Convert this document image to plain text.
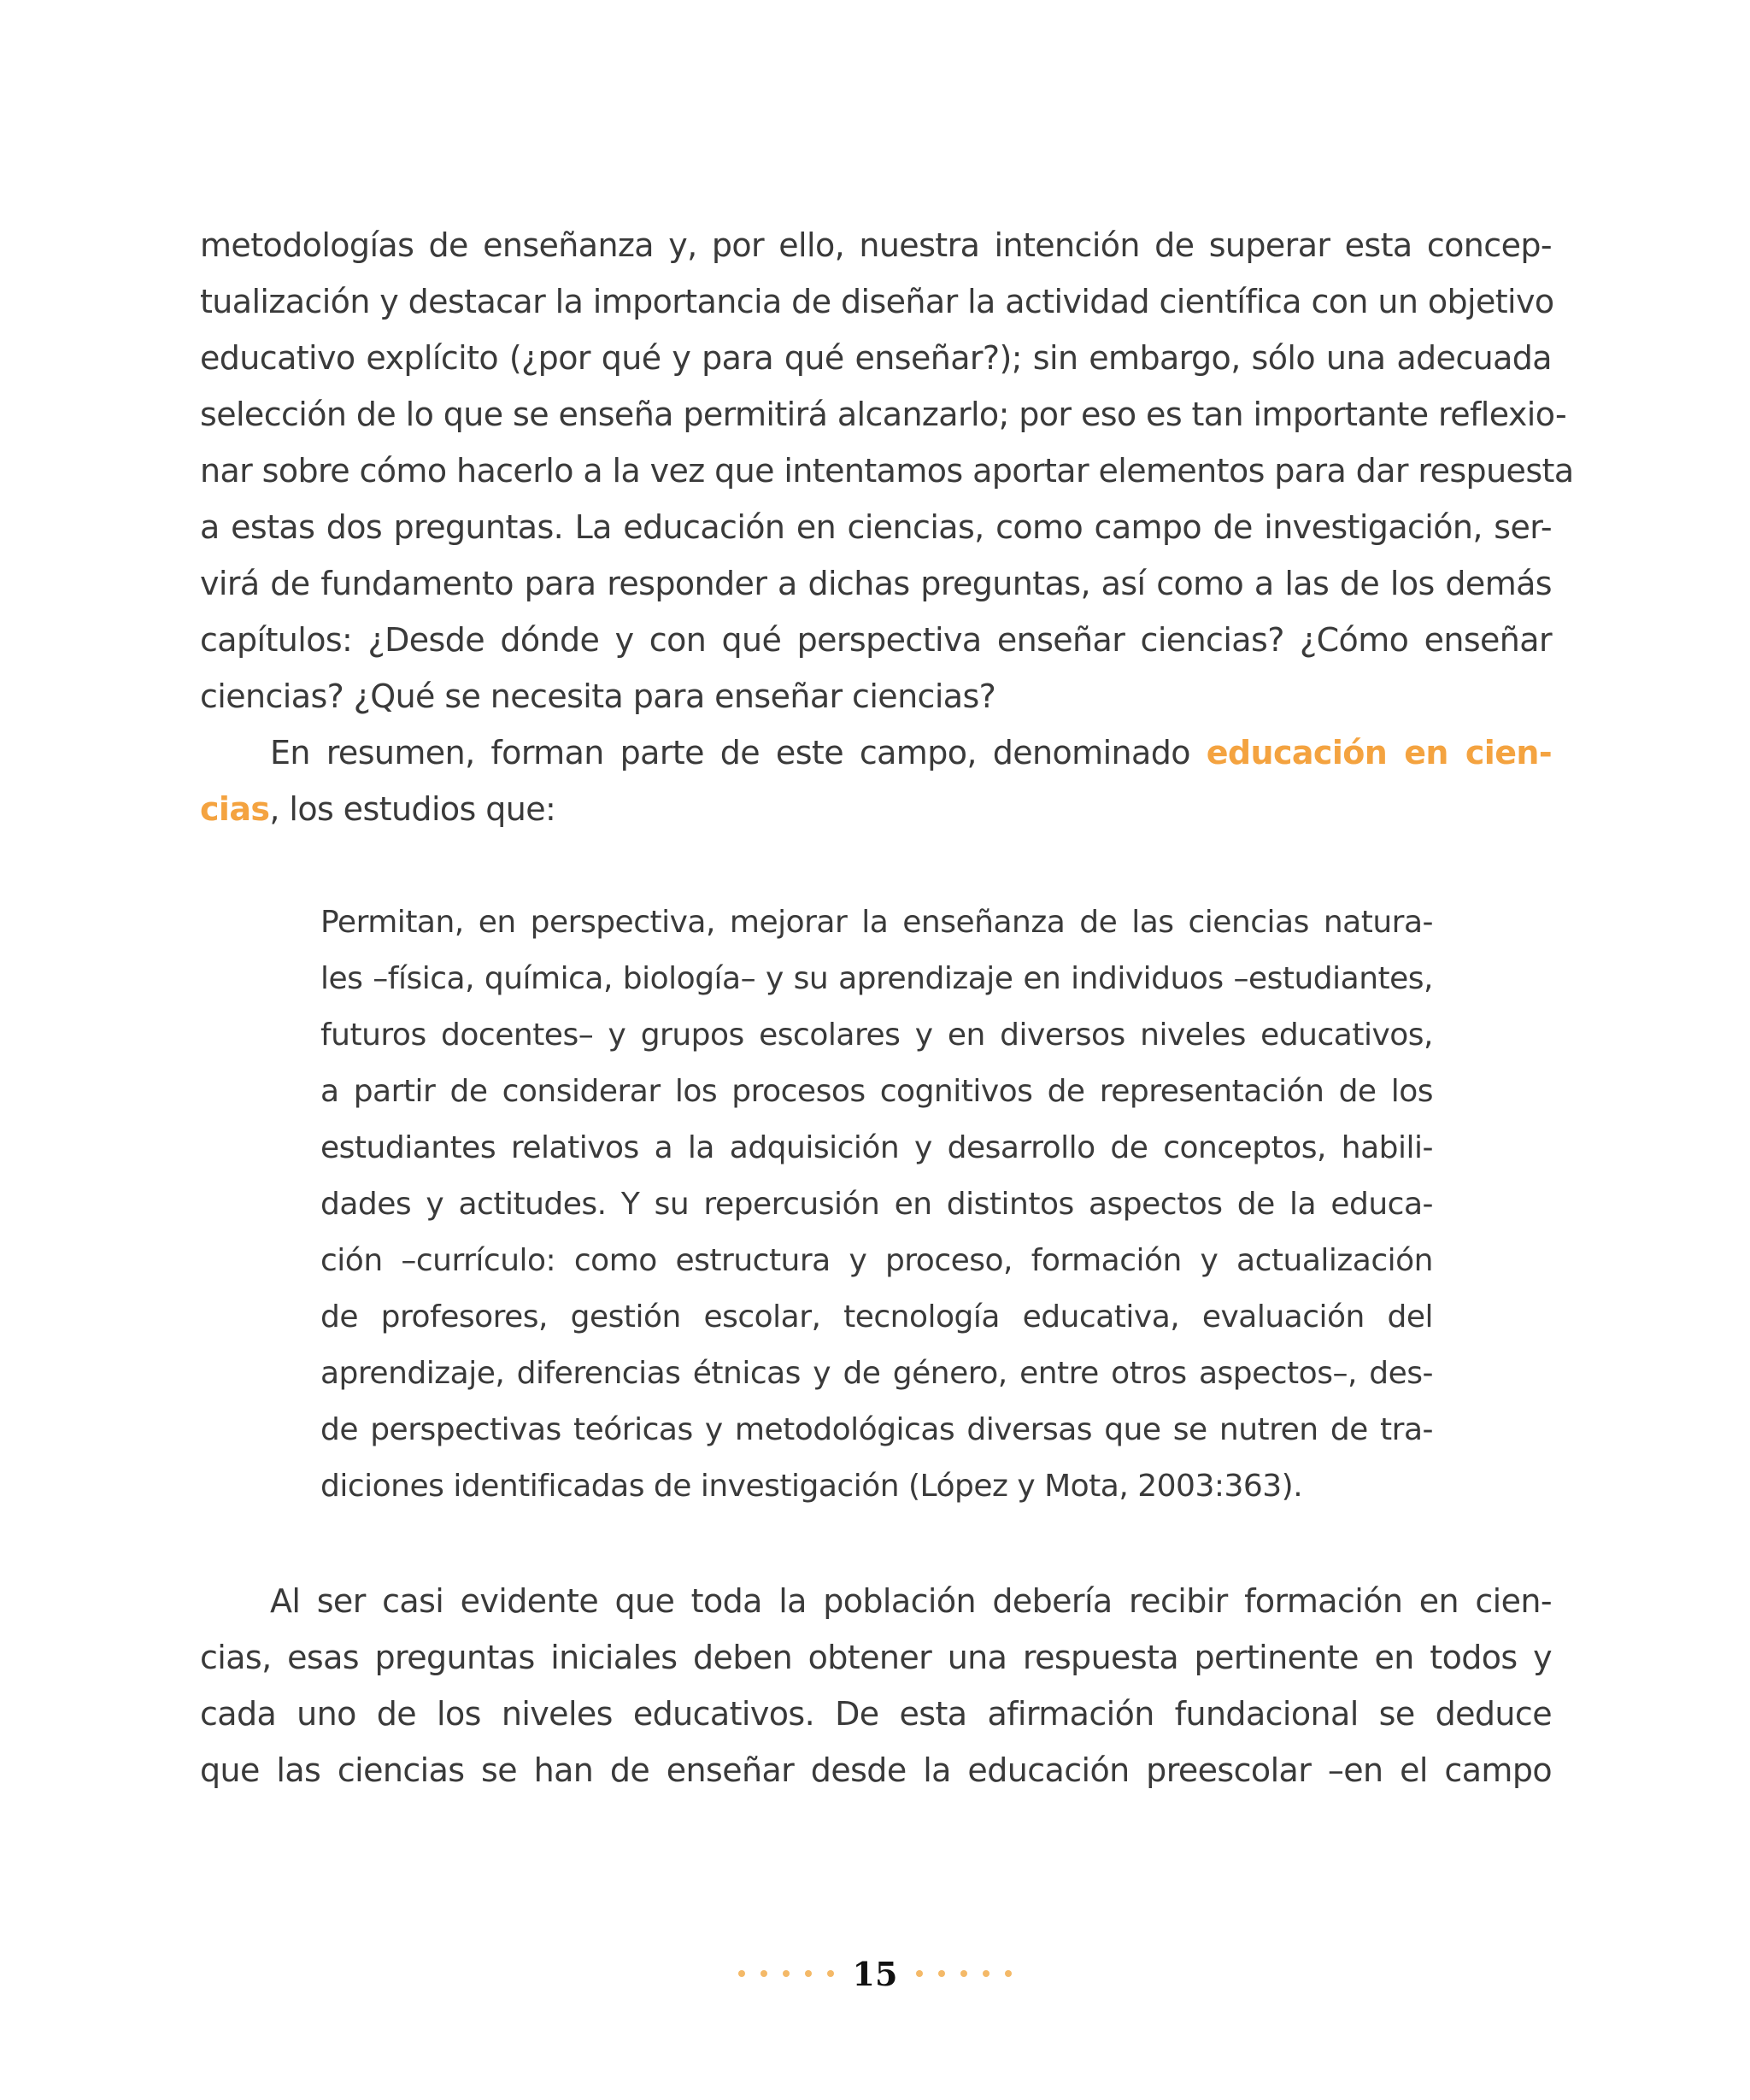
metodologías de enseñanza y, por ello, nuestra intención de superar esta concep-
tualización y destacar la importancia de diseñar la actividad científica con un objetivo
educativo explícito (¿por qué y para qué enseñar?); sin embargo, sólo una adecuada
selección de lo que se enseña permitirá alcanzarlo; por eso es tan importante reflexio-
nar sobre cómo hacerlo a la vez que intentamos aportar elementos para dar respuesta
a estas dos preguntas. La educación en ciencias, como campo de investigación, ser-
virá de fundamento para responder a dichas preguntas, así como a las de los demás
capítulos: ¿Desde dónde y con qué perspectiva enseñar ciencias? ¿Cómo enseñar
ciencias? ¿Qué se necesita para enseñar ciencias?
En resumen, forman parte de este campo, denominado educación en cien-
cias, los estudios que:
Permitan, en perspectiva, mejorar la enseñanza de las ciencias natura-
les –física, química, biología– y su aprendizaje en individuos –estudiantes,
futuros docentes– y grupos escolares y en diversos niveles educativos,
a partir de considerar los procesos cognitivos de representación de los
estudiantes relativos a la adquisición y desarrollo de conceptos, habili-
dades y actitudes. Y su repercusión en distintos aspectos de la educa-
ción –currículo: como estructura y proceso, formación y actualización
de profesores, gestión escolar, tecnología educativa, evaluación del
aprendizaje, diferencias étnicas y de género, entre otros aspectos–, des-
de perspectivas teóricas y metodológicas diversas que se nutren de tra-
diciones identificadas de investigación (López y Mota, 2003:363).
Al ser casi evidente que toda la población debería recibir formación en cien-
cias, esas preguntas iniciales deben obtener una respuesta pertinente en todos y
cada uno de los niveles educativos. De esta afirmación fundacional se deduce
que las ciencias se han de enseñar desde la educación preescolar –en el campo
15
